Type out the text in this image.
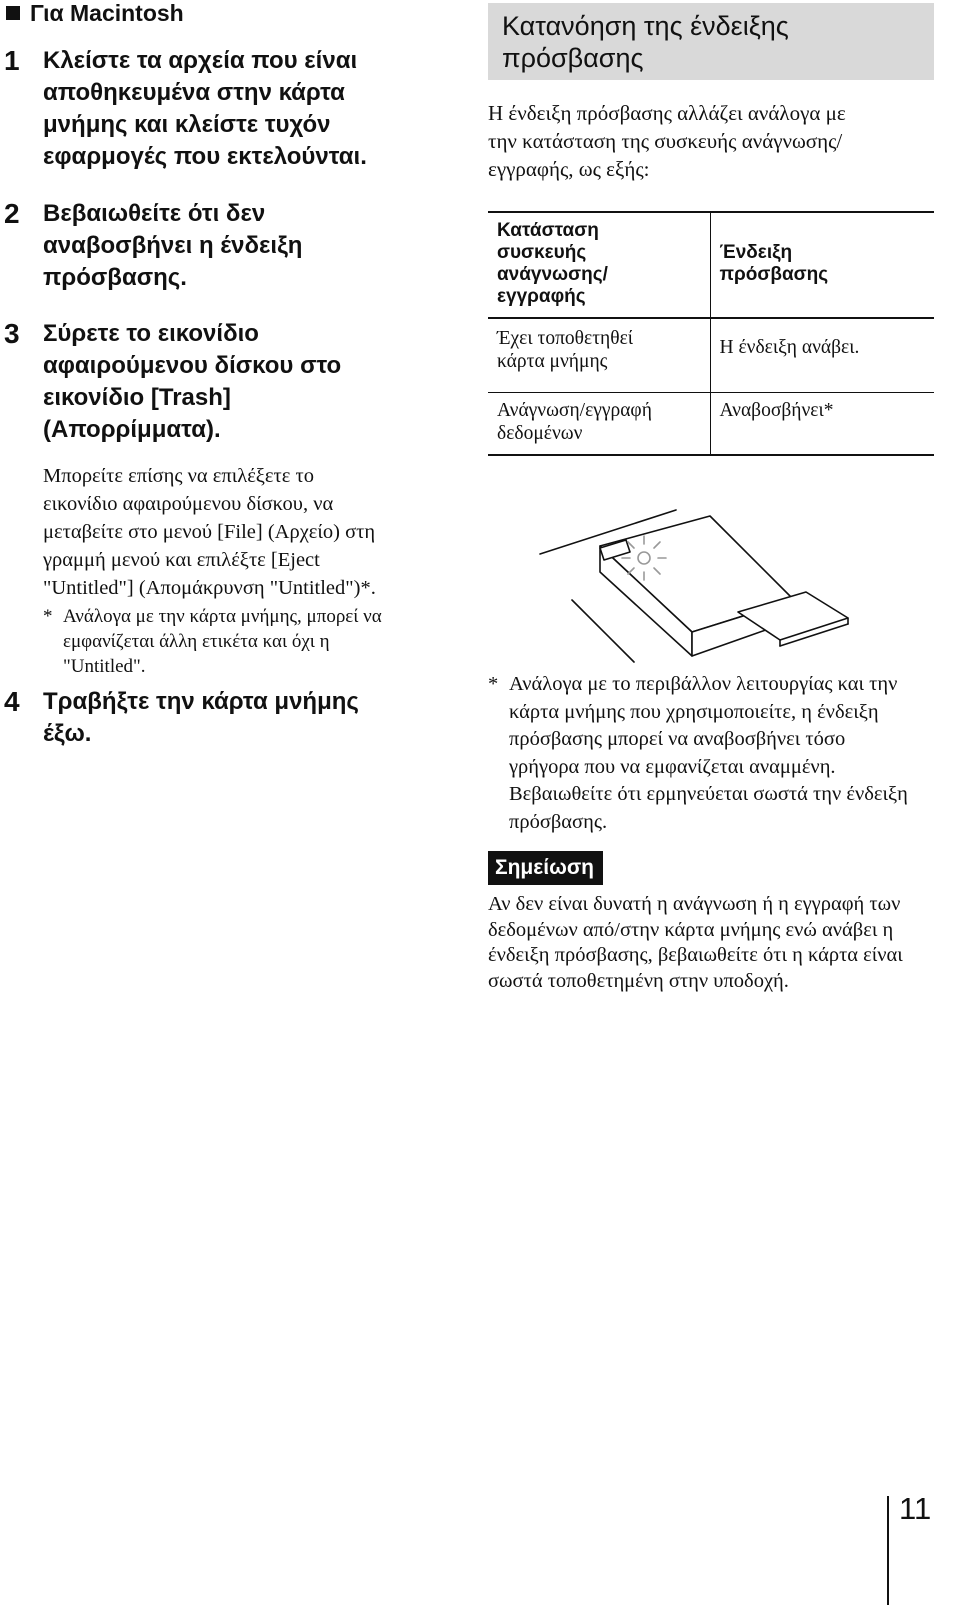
Για Macintosh
1 Κλείστε τα αρχεία που είναι
αποθηκευμένα στην κάρτα
μνήμης και κλείστε τυχόν
εφαρμογές που εκτελούνται.
2 Βεβαιωθείτε ότι δεν
αναβοσβήνει η ένδειξη
πρόσβασης.
3 Σύρετε το εικονίδιο
αφαιρούμενου δίσκου στο
εικονίδιο [Trash]
(Απορρίμματα).
Μπορείτε επίσης να επιλέξετε το
εικονίδιο αφαιρούμενου δίσκου, να
μεταβείτε στο μενού [File] (Αρχείο) στη
γραμμή μενού και επιλέξτε [Eject
"Untitled"] (Απομάκρυνση "Untitled")*.
* Ανάλογα με την κάρτα μνήμης, μπορεί να
εμφανίζεται άλλη ετικέτα και όχι η
"Untitled".
4 Τραβήξτε την κάρτα μνήμης
έξω.
Κατανόηση της ένδειξης
πρόσβασης
Η ένδειξη πρόσβασης αλλάζει ανάλογα με
την κατάσταση της συσκευής ανάγνωσης/
εγγραφής, ως εξής:
Κατάσταση
συσκευής
ανάγνωσης/
εγγραφής	Ένδειξη
πρόσβασης
Έχει τοποθετηθεί
κάρτα μνήμης	Η ένδειξη ανάβει.
Ανάγνωση/εγγραφή
δεδομένων	Αναβοσβήνει*
* Ανάλογα με το περιβάλλον λειτουργίας και την
κάρτα μνήμης που χρησιμοποιείτε, η ένδειξη
πρόσβασης μπορεί να αναβοσβήνει τόσο
γρήγορα που να εμφανίζεται αναμμένη.
Βεβαιωθείτε ότι ερμηνεύεται σωστά την ένδειξη
πρόσβασης.
Σημείωση
Αν δεν είναι δυνατή η ανάγνωση ή η εγγραφή των
δεδομένων από/στην κάρτα μνήμης ενώ ανάβει η
ένδειξη πρόσβασης, βεβαιωθείτε ότι η κάρτα είναι
σωστά τοποθετημένη στην υποδοχή.
11
